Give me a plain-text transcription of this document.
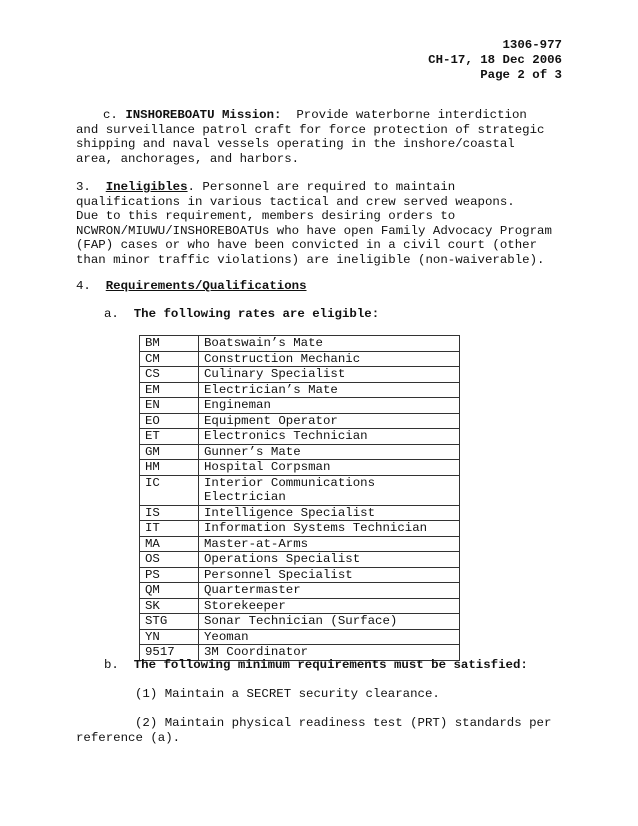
1306-977
CH-17, 18 Dec 2006
Page 2 of 3
c. INSHOREBOATU Mission: Provide waterborne interdiction
and surveillance patrol craft for force protection of strategic
shipping and naval vessels operating in the inshore/coastal
area, anchorages, and harbors.
3. Ineligibles. Personnel are required to maintain
qualifications in various tactical and crew served weapons.
Due to this requirement, members desiring orders to
NCWRON/MIUWU/INSHOREBOATUs who have open Family Advocacy Program
(FAP) cases or who have been convicted in a civil court (other
than minor traffic violations) are ineligible (non-waiverable).
4. Requirements/Qualifications
a. The following rates are eligible:
BM	Boatswain’s Mate
CM	Construction Mechanic
CS	Culinary Specialist
EM	Electrician’s Mate
EN	Engineman
EO	Equipment Operator
ET	Electronics Technician
GM	Gunner’s Mate
HM	Hospital Corpsman
IC	Interior Communications Electrician
IS	Intelligence Specialist
IT	Information Systems Technician
MA	Master-at-Arms
OS	Operations Specialist
PS	Personnel Specialist
QM	Quartermaster
SK	Storekeeper
STG	Sonar Technician (Surface)
YN	Yeoman
9517	3M Coordinator
b. The following minimum requirements must be satisfied:
(1) Maintain a SECRET security clearance.
(2) Maintain physical readiness test (PRT) standards per
reference (a).
